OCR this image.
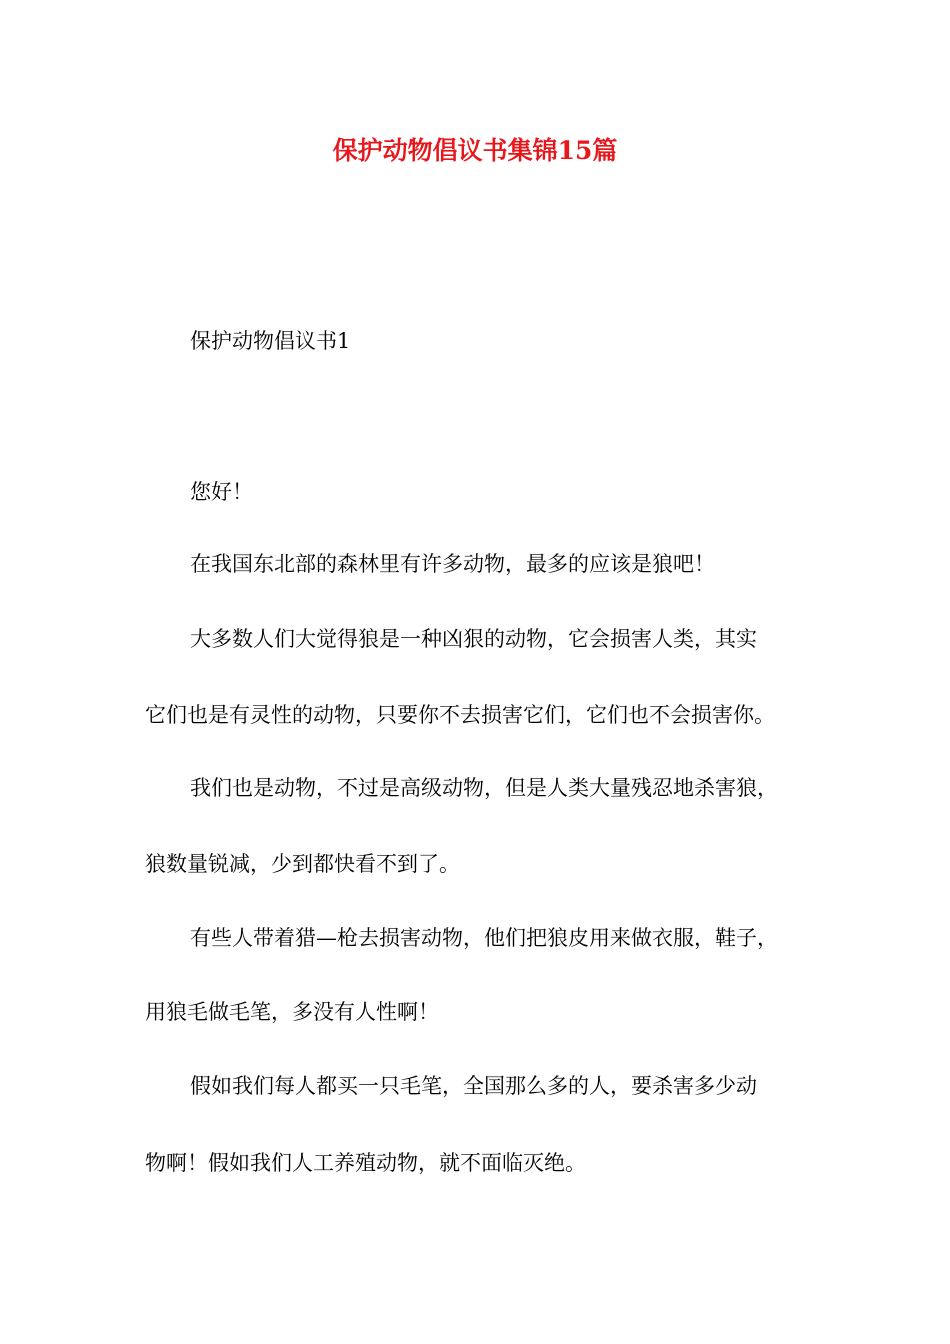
保护动物倡议书集锦15篇
保护动物倡议书1
您好！
在我国东北部的森林里有许多动物，最多的应该是狼吧！
大多数人们大觉得狼是一种凶狠的动物，它会损害人类，其实
它们也是有灵性的动物，只要你不去损害它们，它们也不会损害你。
我们也是动物，不过是高级动物，但是人类大量残忍地杀害狼，
狼数量锐减，少到都快看不到了。
有些人带着猎—枪去损害动物，他们把狼皮用来做衣服，鞋子，
用狼毛做毛笔，多没有人性啊！
假如我们每人都买一只毛笔，全国那么多的人，要杀害多少动
物啊！假如我们人工养殖动物，就不面临灭绝。
